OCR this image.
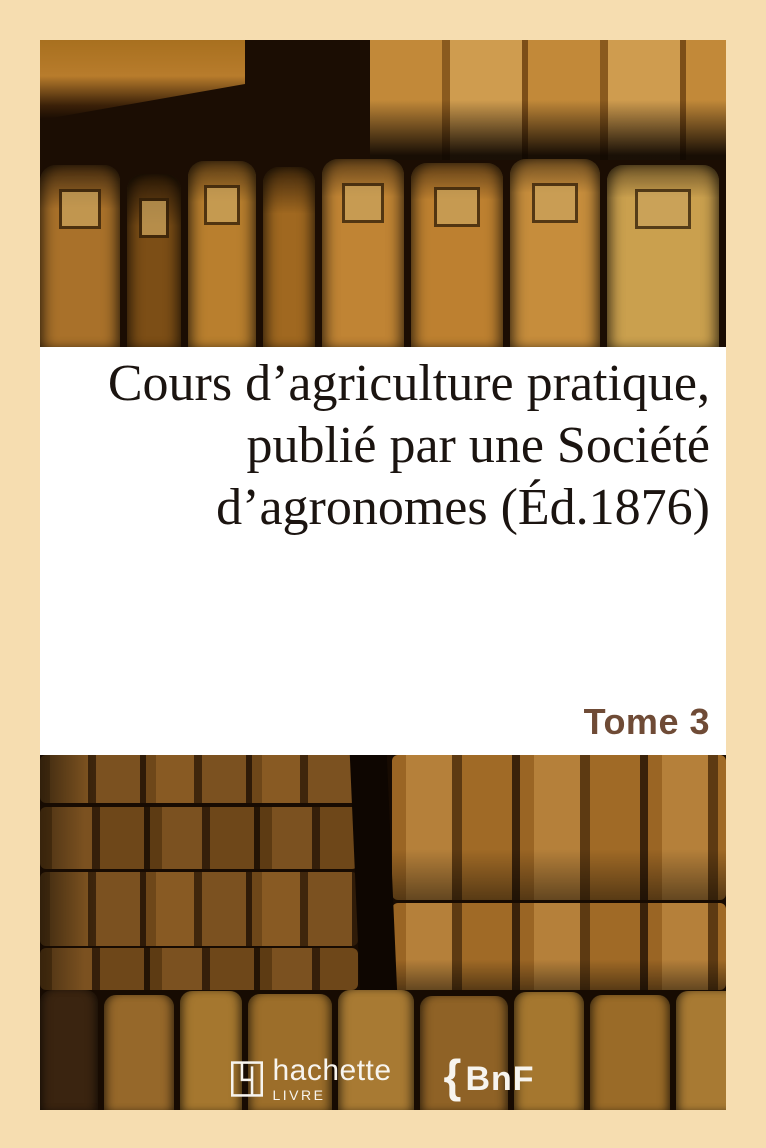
Cours d’agriculture pratique,
publié par une Société
d’agronomes (Éd.1876)
Tome 3
hachette
LIVRE	{ BnF
